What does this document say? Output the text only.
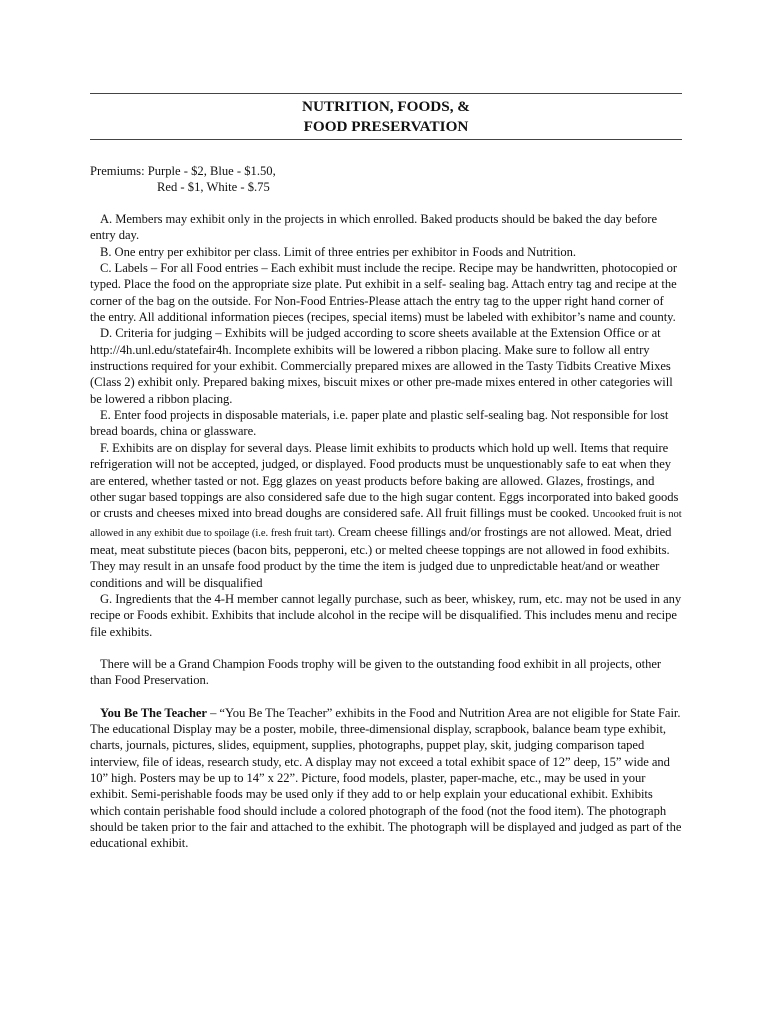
NUTRITION, FOODS, &
FOOD PRESERVATION
Premiums: Purple - $2, Blue - $1.50,
Red - $1, White - $.75

A. Members may exhibit only in the projects in which enrolled. Baked products should be baked the day before entry day.

B. One entry per exhibitor per class. Limit of three entries per exhibitor in Foods and Nutrition.

C. Labels – For all Food entries – Each exhibit must include the recipe. Recipe may be handwritten, photocopied or typed. Place the food on the appropriate size plate. Put exhibit in a self- sealing bag. Attach entry tag and recipe at the corner of the bag on the outside. For Non-Food Entries-Please attach the entry tag to the upper right hand corner of the entry. All additional information pieces (recipes, special items) must be labeled with exhibitor’s name and county.

D. Criteria for judging – Exhibits will be judged according to score sheets available at the Extension Office or at http://4h.unl.edu/statefair4h. Incomplete exhibits will be lowered a ribbon placing. Make sure to follow all entry instructions required for your exhibit. Commercially prepared mixes are allowed in the Tasty Tidbits Creative Mixes (Class 2) exhibit only. Prepared baking mixes, biscuit mixes or other pre-made mixes entered in other categories will be lowered a ribbon placing.

E. Enter food projects in disposable materials, i.e. paper plate and plastic self-sealing bag. Not responsible for lost bread boards, china or glassware.

F. Exhibits are on display for several days. Please limit exhibits to products which hold up well. Items that require refrigeration will not be accepted, judged, or displayed. Food products must be unquestionably safe to eat when they are entered, whether tasted or not. Egg glazes on yeast products before baking are allowed. Glazes, frostings, and other sugar based toppings are also considered safe due to the high sugar content. Eggs incorporated into baked goods or crusts and cheeses mixed into bread doughs are considered safe. All fruit fillings must be cooked. Uncooked fruit is not allowed in any exhibit due to spoilage (i.e. fresh fruit tart). Cream cheese fillings and/or frostings are not allowed. Meat, dried meat, meat substitute pieces (bacon bits, pepperoni, etc.) or melted cheese toppings are not allowed in food exhibits. They may result in an unsafe food product by the time the item is judged due to unpredictable heat/and or weather conditions and will be disqualified

G. Ingredients that the 4-H member cannot legally purchase, such as beer, whiskey, rum, etc. may not be used in any recipe or Foods exhibit. Exhibits that include alcohol in the recipe will be disqualified. This includes menu and recipe file exhibits.

There will be a Grand Champion Foods trophy will be given to the outstanding food exhibit in all projects, other than Food Preservation.

You Be The Teacher – “You Be The Teacher” exhibits in the Food and Nutrition Area are not eligible for State Fair. The educational Display may be a poster, mobile, three-dimensional display, scrapbook, balance beam type exhibit, charts, journals, pictures, slides, equipment, supplies, photographs, puppet play, skit, judging comparison taped interview, file of ideas, research study, etc. A display may not exceed a total exhibit space of 12” deep, 15” wide and 10” high. Posters may be up to 14” x 22”. Picture, food models, plaster, paper-mache, etc., may be used in your exhibit. Semi-perishable foods may be used only if they add to or help explain your educational exhibit. Exhibits which contain perishable food should include a colored photograph of the food (not the food item). The photograph should be taken prior to the fair and attached to the exhibit. The photograph will be displayed and judged as part of the educational exhibit.
